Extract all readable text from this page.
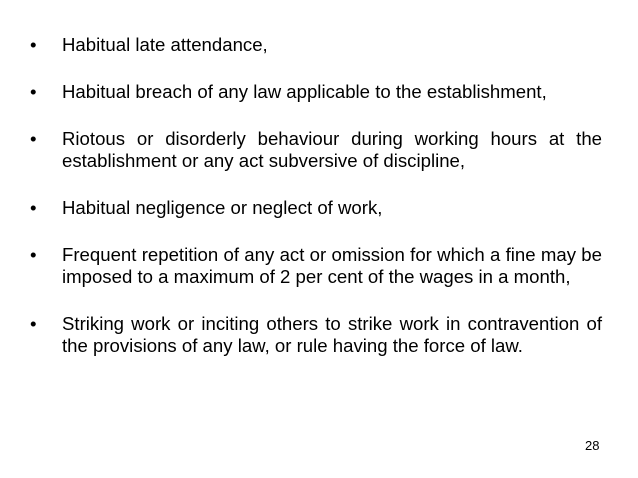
•	Habitual late attendance,
•	Habitual breach of any law applicable to the establishment,
•	Riotous or disorderly behaviour during working hours at the establishment or any act subversive of discipline,
•	Habitual negligence or neglect of work,
•	Frequent repetition of any act or omission for which a fine may be imposed to a maximum of 2 per cent of the wages in a month,
•	Striking work or inciting others to strike work in contravention of the provisions of any law, or rule having the force of law.
28
